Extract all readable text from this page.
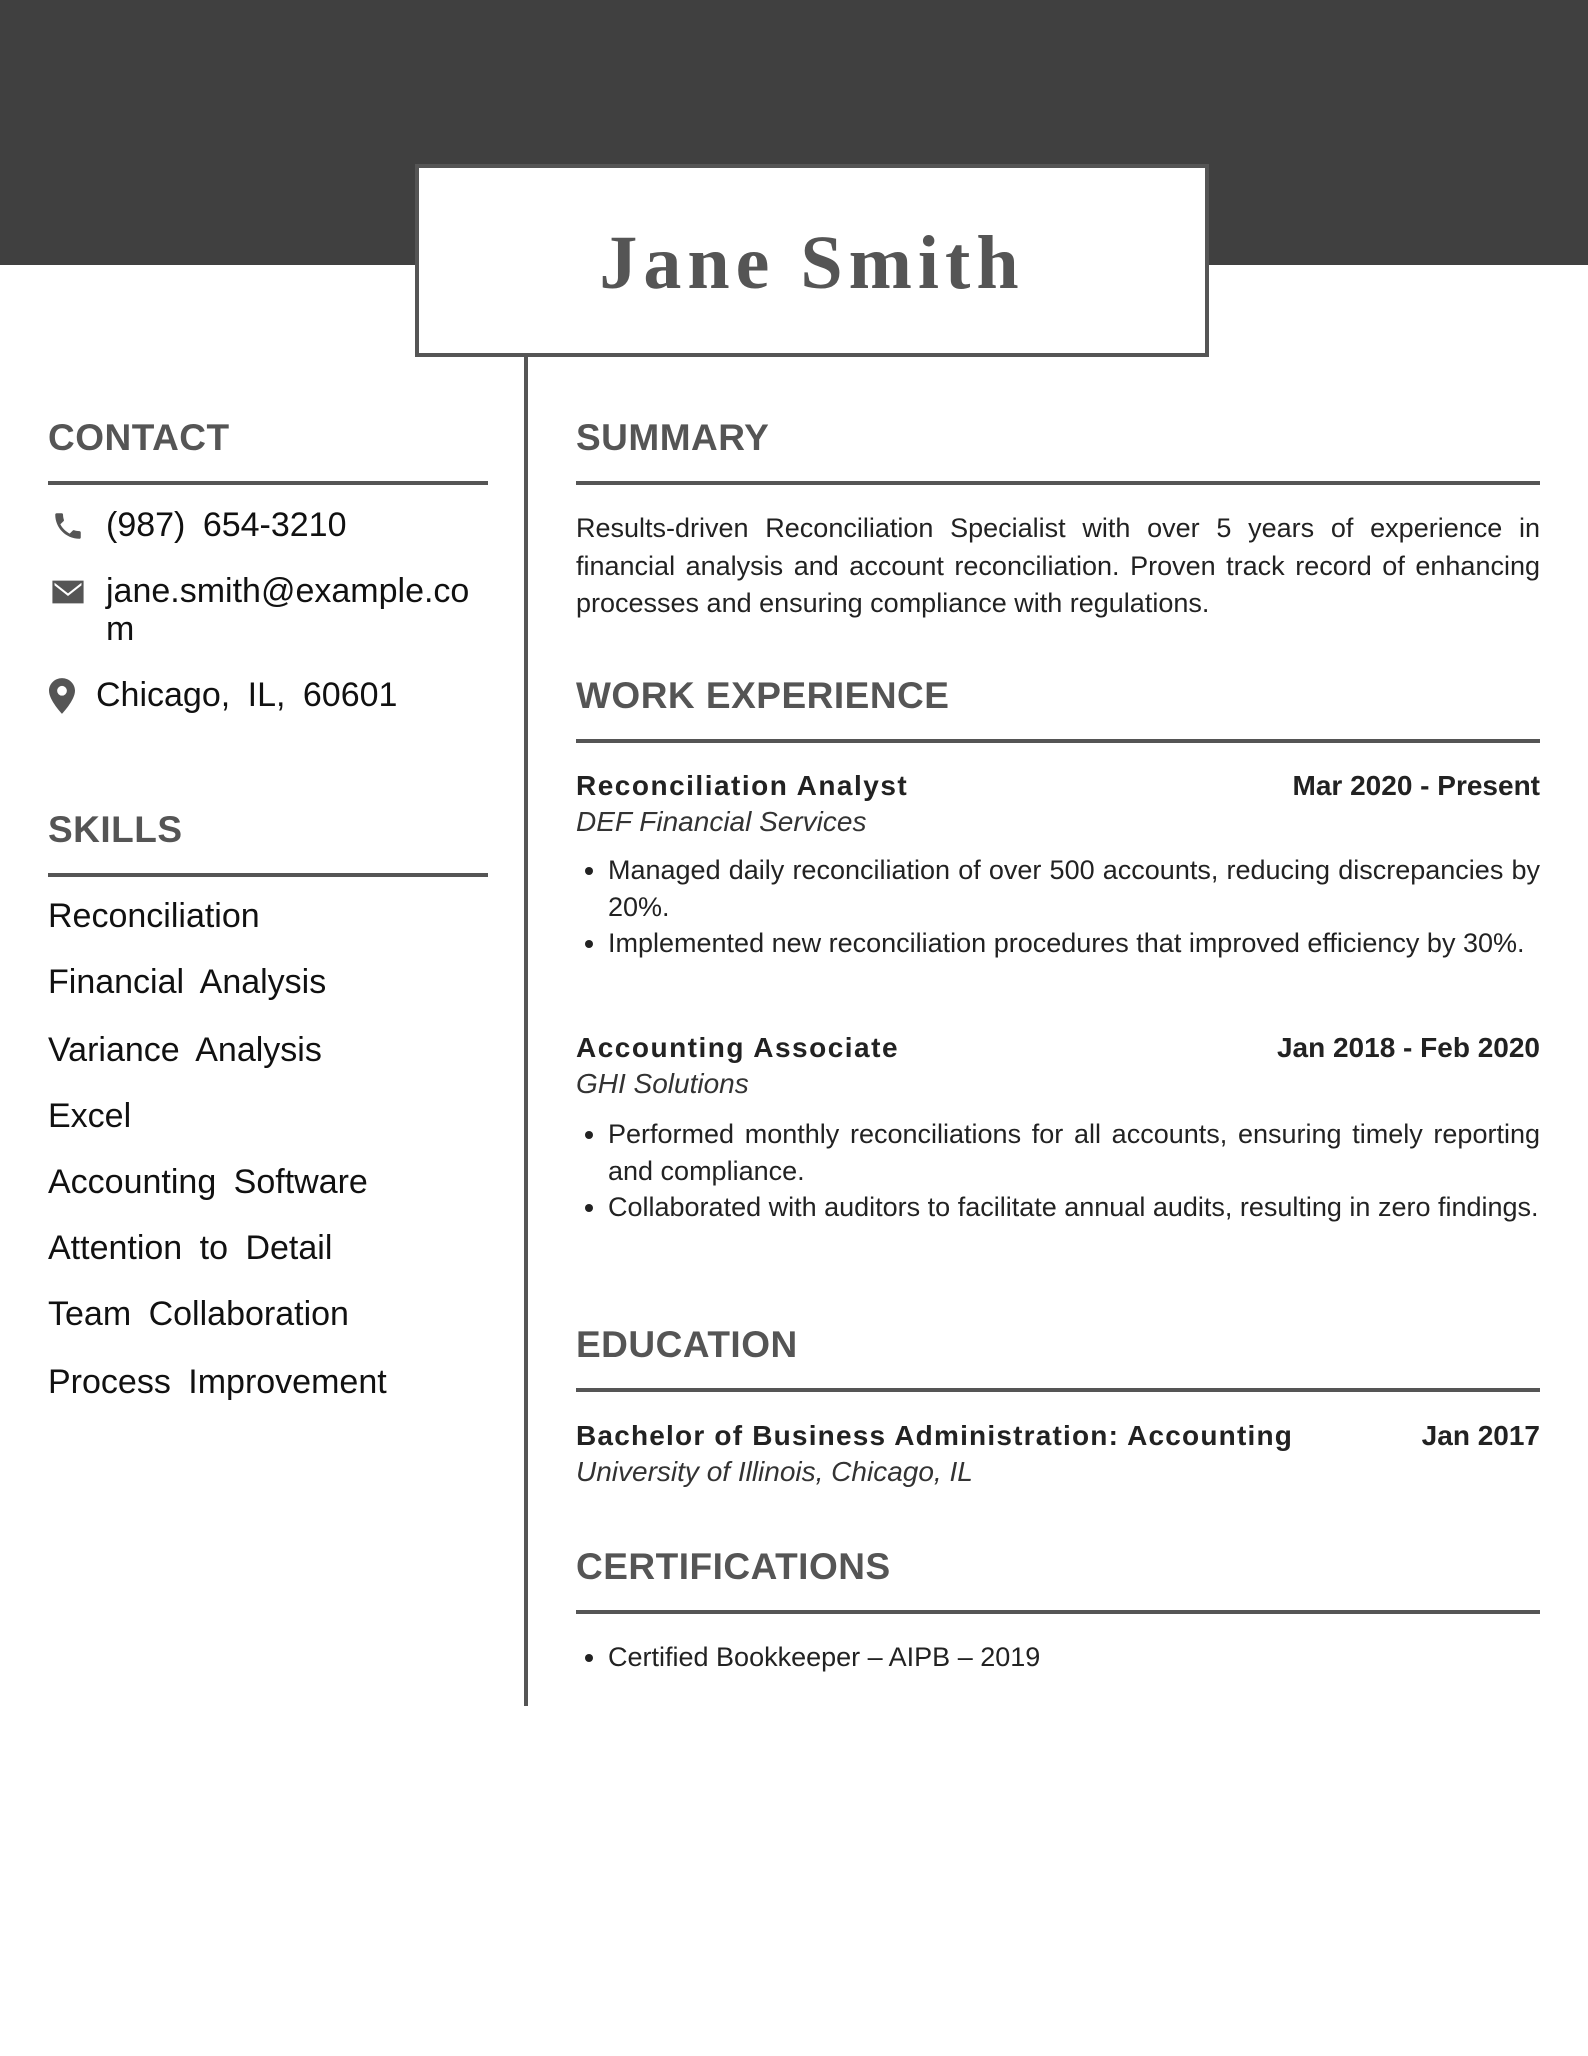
Jane Smith
CONTACT
(987) 654-3210
jane.smith@example.com
Chicago, IL, 60601
SKILLS
Reconciliation
Financial Analysis
Variance Analysis
Excel
Accounting Software
Attention to Detail
Team Collaboration
Process Improvement
SUMMARY
Results-driven Reconciliation Specialist with over 5 years of experience in financial analysis and account reconciliation. Proven track record of enhancing processes and ensuring compliance with regulations.
WORK EXPERIENCE
Reconciliation Analyst	Mar 2020 - Present
DEF Financial Services
• Managed daily reconciliation of over 500 accounts, reducing discrepancies by 20%.
• Implemented new reconciliation procedures that improved efficiency by 30%.
Accounting Associate	Jan 2018 - Feb 2020
GHI Solutions
• Performed monthly reconciliations for all accounts, ensuring timely reporting and compliance.
• Collaborated with auditors to facilitate annual audits, resulting in zero findings.
EDUCATION
Bachelor of Business Administration: Accounting	Jan 2017
University of Illinois, Chicago, IL
CERTIFICATIONS
• Certified Bookkeeper – AIPB – 2019
